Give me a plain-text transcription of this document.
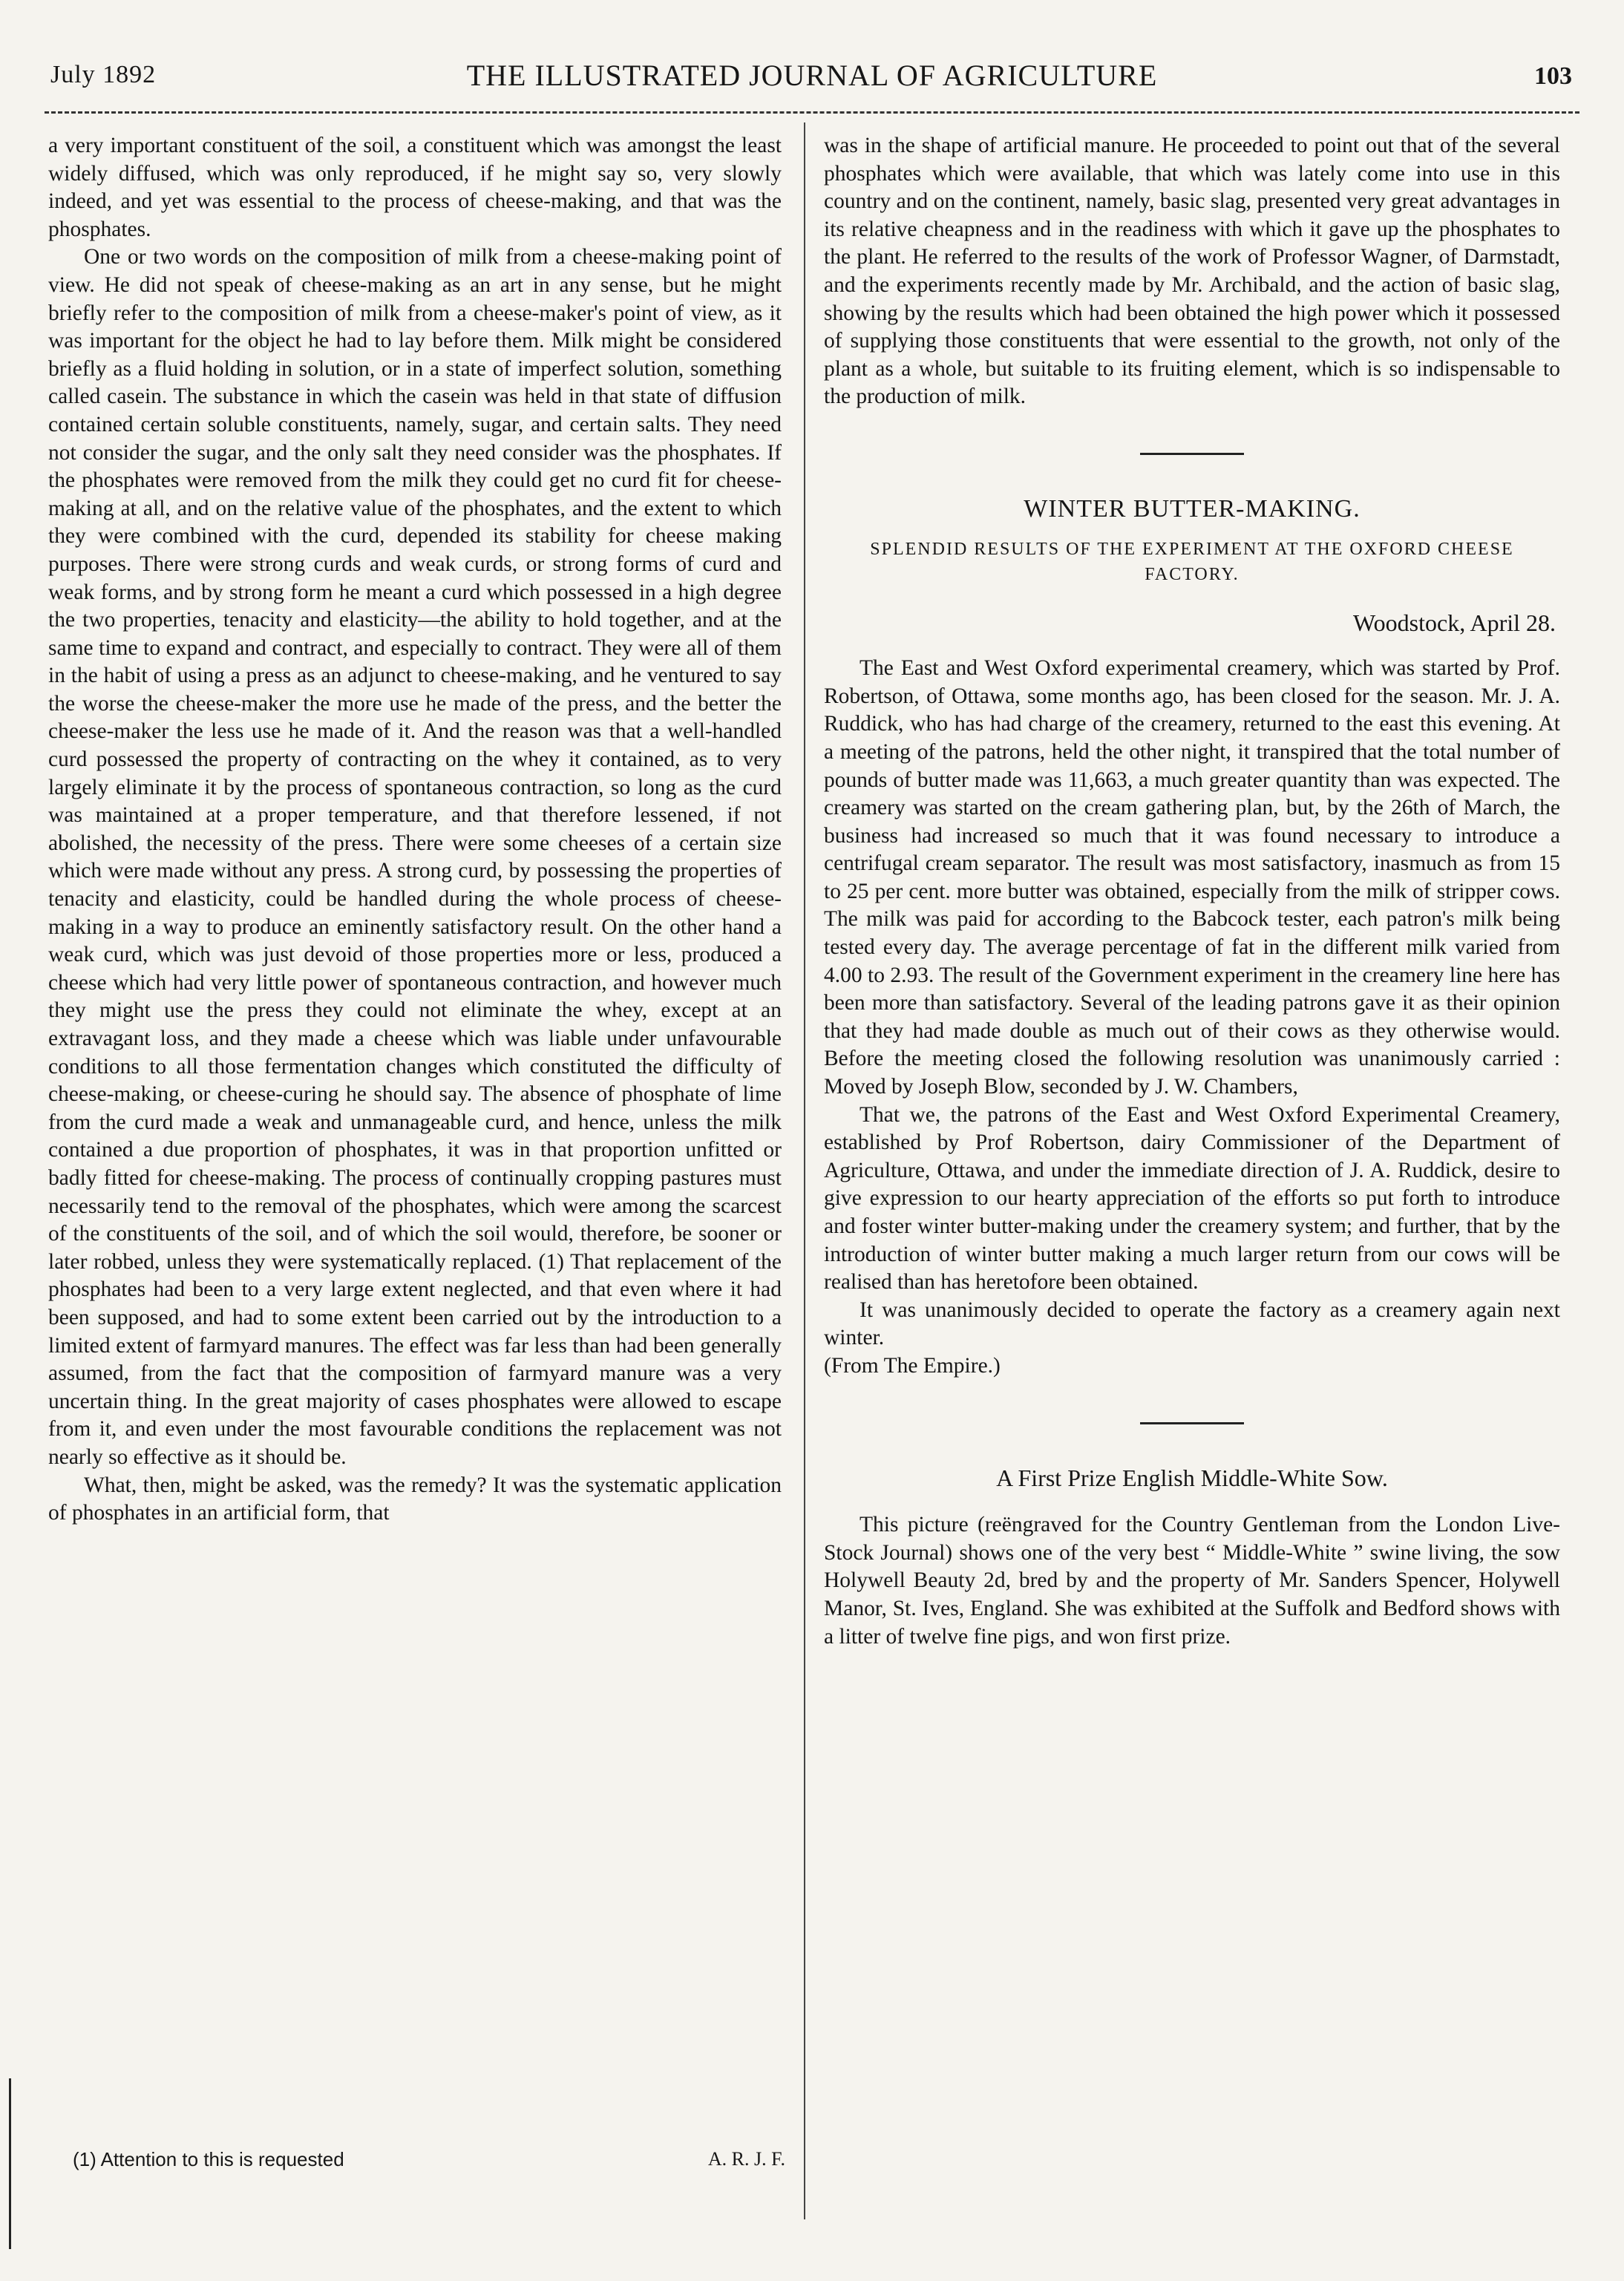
July 1892	THE ILLUSTRATED JOURNAL OF AGRICULTURE	103

a very important constituent of the soil, a constituent which was amongst the least widely diffused, which was only reproduced, if he might say so, very slowly indeed, and yet was essential to the process of cheese-making, and that was the phosphates.

One or two words on the composition of milk from a cheese-making point of view. He did not speak of cheese-making as an art in any sense, but he might briefly refer to the composition of milk from a cheese-maker's point of view, as it was important for the object he had to lay before them. Milk might be considered briefly as a fluid holding in solution, or in a state of imperfect solution, something called casein. The substance in which the casein was held in that state of diffusion contained certain soluble constituents, namely, sugar, and certain salts. They need not consider the sugar, and the only salt they need consider was the phosphates. If the phosphates were removed from the milk they could get no curd fit for cheese-making at all, and on the relative value of the phosphates, and the extent to which they were combined with the curd, depended its stability for cheese making purposes. There were strong curds and weak curds, or strong forms of curd and weak forms, and by strong form he meant a curd which possessed in a high degree the two properties, tenacity and elasticity—the ability to hold together, and at the same time to expand and contract, and especially to contract. They were all of them in the habit of using a press as an adjunct to cheese-making, and he ventured to say the worse the cheese-maker the more use he made of the press, and the better the cheese-maker the less use he made of it. And the reason was that a well-handled curd possessed the property of contracting on the whey it contained, as to very largely eliminate it by the process of spontaneous contraction, so long as the curd was maintained at a proper temperature, and that therefore lessened, if not abolished, the necessity of the press. There were some cheeses of a certain size which were made without any press. A strong curd, by possessing the properties of tenacity and elasticity, could be handled during the whole process of cheese-making in a way to produce an eminently satisfactory result. On the other hand a weak curd, which was just devoid of those properties more or less, produced a cheese which had very little power of spontaneous contraction, and however much they might use the press they could not eliminate the whey, except at an extravagant loss, and they made a cheese which was liable under unfavourable conditions to all those fermentation changes which constituted the difficulty of cheese-making, or cheese-curing he should say. The absence of phosphate of lime from the curd made a weak and unmanageable curd, and hence, unless the milk contained a due proportion of phosphates, it was in that proportion unfitted or badly fitted for cheese-making. The process of continually cropping pastures must necessarily tend to the removal of the phosphates, which were among the scarcest of the constituents of the soil, and of which the soil would, therefore, be sooner or later robbed, unless they were systematically replaced. (1) That replacement of the phosphates had been to a very large extent neglected, and that even where it had been supposed, and had to some extent been carried out by the introduction to a limited extent of farmyard manures. The effect was far less than had been generally assumed, from the fact that the composition of farmyard manure was a very uncertain thing. In the great majority of cases phosphates were allowed to escape from it, and even under the most favourable conditions the replacement was not nearly so effective as it should be.

What, then, might be asked, was the remedy? It was the systematic application of phosphates in an artificial form, that

(1) Attention to this is requested	A. R. J. F.

was in the shape of artificial manure. He proceeded to point out that of the several phosphates which were available, that which was lately come into use in this country and on the continent, namely, basic slag, presented very great advantages in its relative cheapness and in the readiness with which it gave up the phosphates to the plant. He referred to the results of the work of Professor Wagner, of Darmstadt, and the experiments recently made by Mr. Archibald, and the action of basic slag, showing by the results which had been obtained the high power which it possessed of supplying those constituents that were essential to the growth, not only of the plant as a whole, but suitable to its fruiting element, which is so indispensable to the production of milk.

WINTER BUTTER-MAKING.
SPLENDID RESULTS OF THE EXPERIMENT AT THE OXFORD CHEESE FACTORY.
Woodstock, April 28.

The East and West Oxford experimental creamery, which was started by Prof. Robertson, of Ottawa, some months ago, has been closed for the season. Mr. J. A. Ruddick, who has had charge of the creamery, returned to the east this evening. At a meeting of the patrons, held the other night, it transpired that the total number of pounds of butter made was 11,663, a much greater quantity than was expected. The creamery was started on the cream gathering plan, but, by the 26th of March, the business had increased so much that it was found necessary to introduce a centrifugal cream separator. The result was most satisfactory, inasmuch as from 15 to 25 per cent. more butter was obtained, especially from the milk of stripper cows. The milk was paid for according to the Babcock tester, each patron's milk being tested every day. The average percentage of fat in the different milk varied from 4.00 to 2.93. The result of the Government experiment in the creamery line here has been more than satisfactory. Several of the leading patrons gave it as their opinion that they had made double as much out of their cows as they otherwise would. Before the meeting closed the following resolution was unanimously carried : Moved by Joseph Blow, seconded by J. W. Chambers,

That we, the patrons of the East and West Oxford Experimental Creamery, established by Prof Robertson, dairy Commissioner of the Department of Agriculture, Ottawa, and under the immediate direction of J. A. Ruddick, desire to give expression to our hearty appreciation of the efforts so put forth to introduce and foster winter butter-making under the creamery system; and further, that by the introduction of winter butter making a much larger return from our cows will be realised than has heretofore been obtained.

It was unanimously decided to operate the factory as a creamery again next winter.

(From The Empire.)

A First Prize English Middle-White Sow.

This picture (reëngraved for the Country Gentleman from the London Live-Stock Journal) shows one of the very best “ Middle-White ” swine living, the sow Holywell Beauty 2d, bred by and the property of Mr. Sanders Spencer, Holywell Manor, St. Ives, England. She was exhibited at the Suffolk and Bedford shows with a litter of twelve fine pigs, and won first prize.
